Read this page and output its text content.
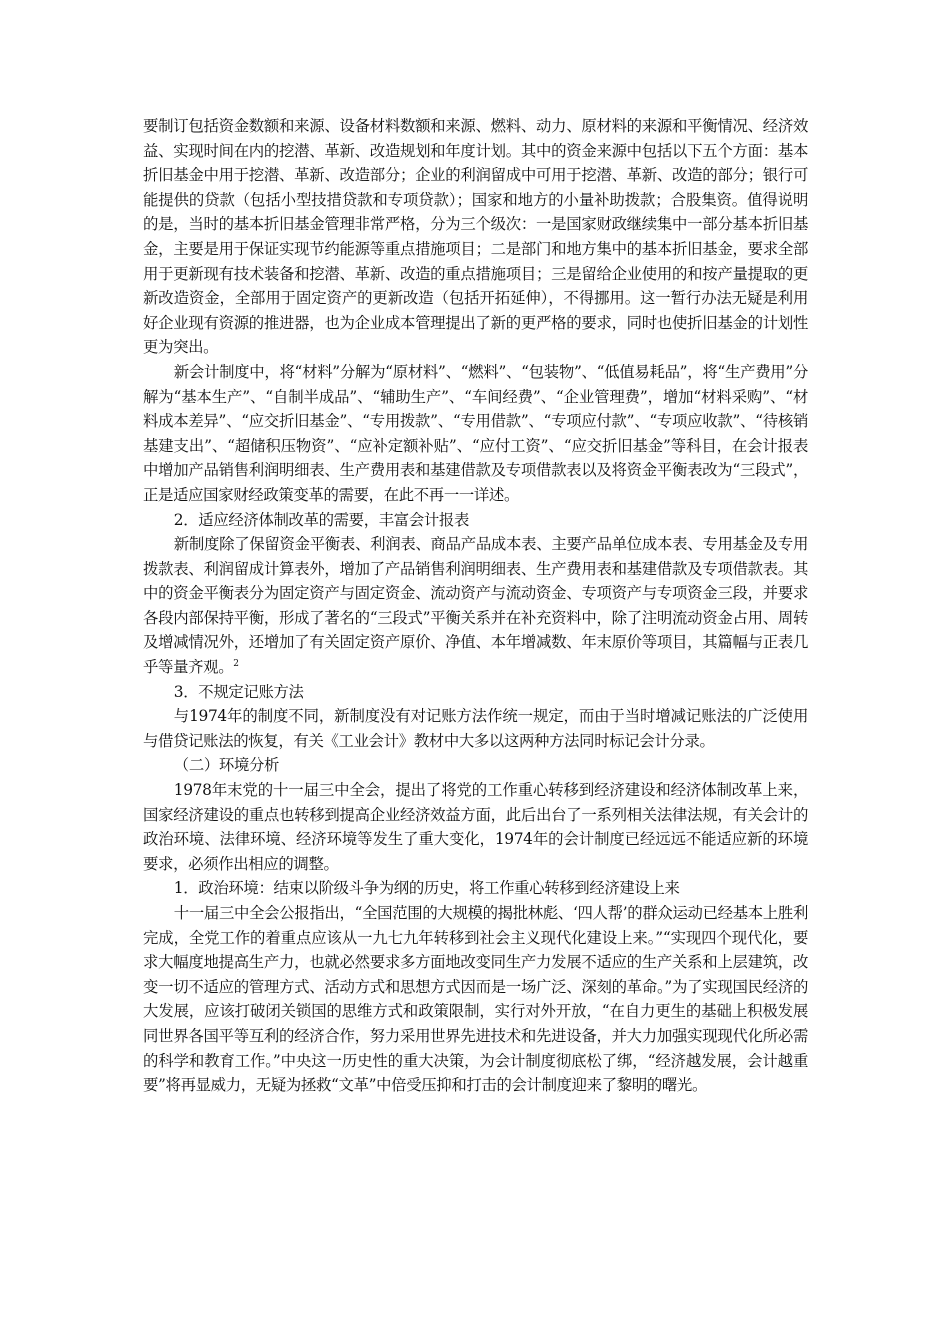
要制订包括资金数额和来源、设备材料数额和来源、燃料、动力、原材料的来源和平衡情况、经济效益、实现时间在内的挖潜、革新、改造规划和年度计划。其中的资金来源中包括以下五个方面：基本折旧基金中用于挖潜、革新、改造部分；企业的利润留成中可用于挖潜、革新、改造的部分；银行可能提供的贷款（包括小型技措贷款和专项贷款）；国家和地方的小量补助拨款；合股集资。值得说明的是，当时的基本折旧基金管理非常严格，分为三个级次：一是国家财政继续集中一部分基本折旧基金，主要是用于保证实现节约能源等重点措施项目；二是部门和地方集中的基本折旧基金，要求全部用于更新现有技术装备和挖潜、革新、改造的重点措施项目；三是留给企业使用的和按产量提取的更新改造资金，全部用于固定资产的更新改造（包括开拓延伸），不得挪用。这一暂行办法无疑是利用好企业现有资源的推进器，也为企业成本管理提出了新的更严格的要求，同时也使折旧基金的计划性更为突出。

新会计制度中，将“材料”分解为“原材料”、“燃料”、“包装物”、“低值易耗品”，将“生产费用”分解为“基本生产”、“自制半成品”、“辅助生产”、“车间经费”、“企业管理费”，增加“材料采购”、“材料成本差异”、“应交折旧基金”、“专用拨款”、“专用借款”、“专项应付款”、“专项应收款”、“待核销基建支出”、“超储积压物资”、“应补定额补贴”、“应付工资”、“应交折旧基金”等科目，在会计报表中增加产品销售利润明细表、生产费用表和基建借款及专项借款表以及将资金平衡表改为“三段式”，正是适应国家财经政策变革的需要，在此不再一一详述。

2．适应经济体制改革的需要，丰富会计报表

新制度除了保留资金平衡表、利润表、商品产品成本表、主要产品单位成本表、专用基金及专用拨款表、利润留成计算表外，增加了产品销售利润明细表、生产费用表和基建借款及专项借款表。其中的资金平衡表分为固定资产与固定资金、流动资产与流动资金、专项资产与专项资金三段，并要求各段内部保持平衡，形成了著名的“三段式”平衡关系并在补充资料中，除了注明流动资金占用、周转及增减情况外，还增加了有关固定资产原价、净值、本年增减数、年末原价等项目，其篇幅与正表几乎等量齐观。$^2$

3．不规定记账方法

与1974年的制度不同，新制度没有对记账方法作统一规定，而由于当时增减记账法的广泛使用与借贷记账法的恢复，有关《工业会计》教材中大多以这两种方法同时标记会计分录。

（二）环境分析

1978年末党的十一届三中全会，提出了将党的工作重心转移到经济建设和经济体制改革上来，国家经济建设的重点也转移到提高企业经济效益方面，此后出台了一系列相关法律法规，有关会计的政治环境、法律环境、经济环境等发生了重大变化，1974年的会计制度已经远远不能适应新的环境要求，必须作出相应的调整。

1．政治环境：结束以阶级斗争为纲的历史，将工作重心转移到经济建设上来

十一届三中全会公报指出，“全国范围的大规模的揭批林彪、‘四人帮’的群众运动已经基本上胜利完成，全党工作的着重点应该从一九七九年转移到社会主义现代化建设上来。”“实现四个现代化，要求大幅度地提高生产力，也就必然要求多方面地改变同生产力发展不适应的生产关系和上层建筑，改变一切不适应的管理方式、活动方式和思想方式因而是一场广泛、深刻的革命。”为了实现国民经济的大发展，应该打破闭关锁国的思维方式和政策限制，实行对外开放，“在自力更生的基础上积极发展同世界各国平等互利的经济合作，努力采用世界先进技术和先进设备，并大力加强实现现代化所必需的科学和教育工作。”中央这一历史性的重大决策，为会计制度彻底松了绑，“经济越发展，会计越重要”将再显威力，无疑为拯救“文革”中倍受压抑和打击的会计制度迎来了黎明的曙光。
